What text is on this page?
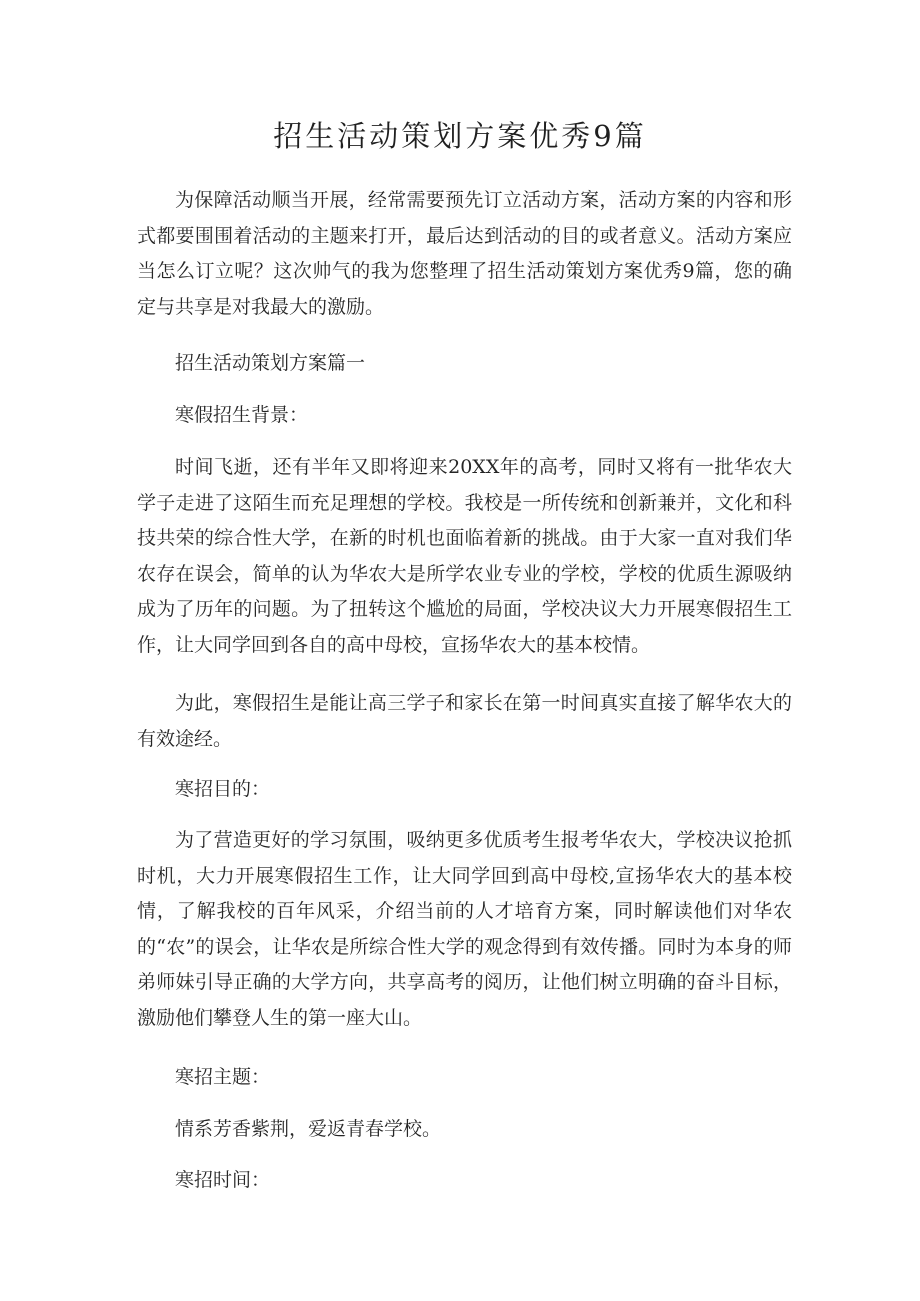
招生活动策划方案优秀9篇

为保障活动顺当开展，经常需要预先订立活动方案，活动方案的内容和形式都要围围着活动的主题来打开，最后达到活动的目的或者意义。活动方案应当怎么订立呢？这次帅气的我为您整理了招生活动策划方案优秀9篇，您的确定与共享是对我最大的激励。

招生活动策划方案篇一

寒假招生背景：

时间飞逝，还有半年又即将迎来20XX年的高考，同时又将有一批华农大学子走进了这陌生而充足理想的学校。我校是一所传统和创新兼并，文化和科技共荣的综合性大学，在新的时机也面临着新的挑战。由于大家一直对我们华农存在误会，简单的认为华农大是所学农业专业的学校，学校的优质生源吸纳成为了历年的问题。为了扭转这个尴尬的局面，学校决议大力开展寒假招生工作，让大同学回到各自的高中母校，宣扬华农大的基本校情。

为此，寒假招生是能让高三学子和家长在第一时间真实直接了解华农大的有效途经。

寒招目的：

为了营造更好的学习氛围，吸纳更多优质考生报考华农大，学校决议抢抓时机，大力开展寒假招生工作，让大同学回到高中母校,宣扬华农大的基本校情，了解我校的百年风采，介绍当前的人才培育方案，同时解读他们对华农的“农”的误会，让华农是所综合性大学的观念得到有效传播。同时为本身的师弟师妹引导正确的大学方向，共享高考的阅历，让他们树立明确的奋斗目标，激励他们攀登人生的第一座大山。

寒招主题：

情系芳香紫荆，爱返青春学校。

寒招时间：
